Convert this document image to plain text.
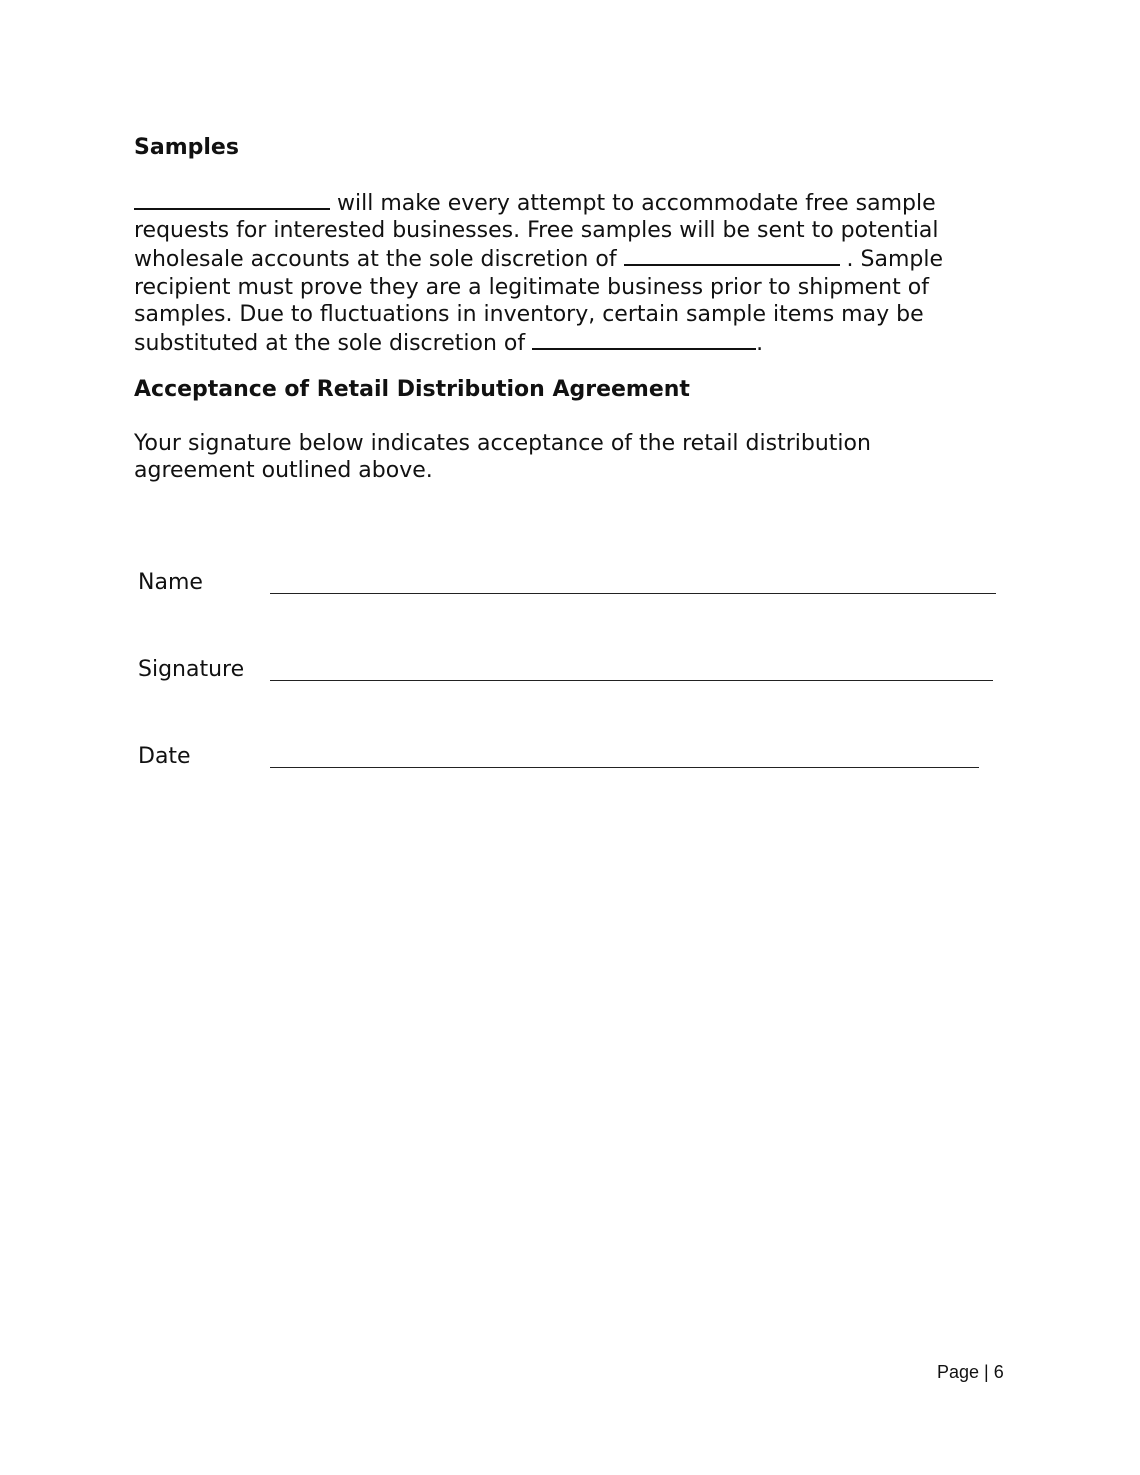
Samples

will make every attempt to accommodate free sample requests for interested businesses. Free samples will be sent to potential wholesale accounts at the sole discretion of	. Sample recipient must prove they are a legitimate business prior to shipment of samples. Due to fluctuations in inventory, certain sample items may be substituted at the sole discretion of	.

Acceptance of Retail Distribution Agreement

Your signature below indicates acceptance of the retail distribution agreement outlined above.

Name
Signature
Date
Page | 6
